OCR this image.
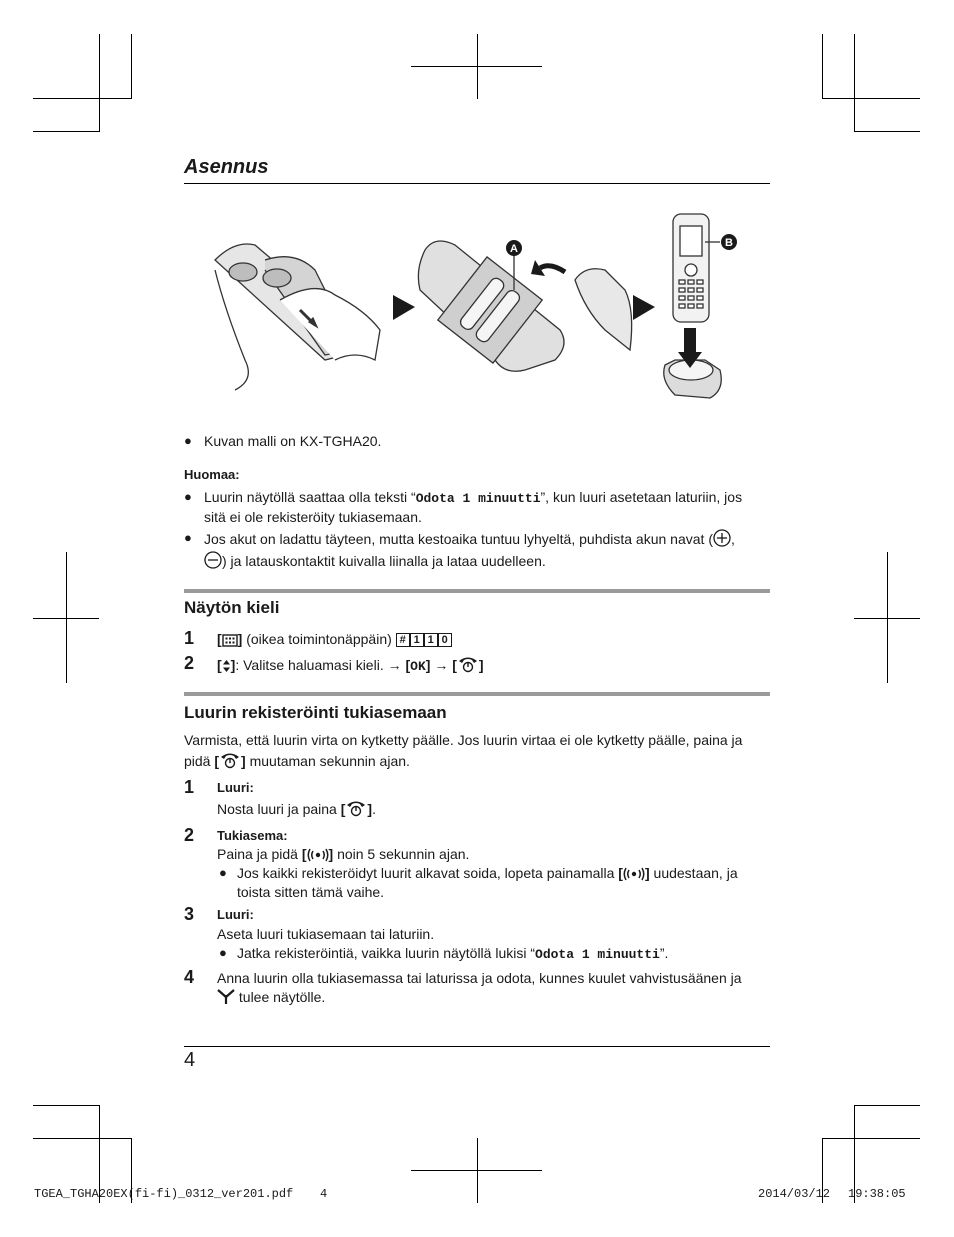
Asennus
A	B
● Kuvan malli on KX-TGHA20.
Huomaa:
● Luurin näytöllä saattaa olla teksti “Odota 1 minuutti”, kun luuri asetetaan laturiin, jos
sitä ei ole rekisteröity tukiasemaan.
● Jos akut on ladattu täyteen, mutta kestoaika tuntuu lyhyeltä, puhdista akun navat ( ,
) ja latauskontaktit kuivalla liinalla ja lataa uudelleen.
Näytön kieli
1 [ ] (oikea toimintonäppäin) # 1 1 0
2 [ ]: Valitse haluamasi kieli. → [OK] → [ ]
Luurin rekisteröinti tukiasemaan
Varmista, että luurin virta on kytketty päälle. Jos luurin virtaa ei ole kytketty päälle, paina ja
pidä [ ] muutaman sekunnin ajan.
1 Luuri:
Nosta luuri ja paina [ ].
2 Tukiasema:
Paina ja pidä [ ] noin 5 sekunnin ajan.
● Jos kaikki rekisteröidyt luurit alkavat soida, lopeta painamalla [ ] uudestaan, ja
toista sitten tämä vaihe.
3 Luuri:
Aseta luuri tukiasemaan tai laturiin.
● Jatka rekisteröintiä, vaikka luurin näytöllä lukisi “Odota 1 minuutti”.
4 Anna luurin olla tukiasemassa tai laturissa ja odota, kunnes kuulet vahvistusäänen ja
tulee näytölle.
4
TGEA_TGHA20EX(fi-fi)_0312_ver201.pdf 4	2014/03/12 19:38:05
